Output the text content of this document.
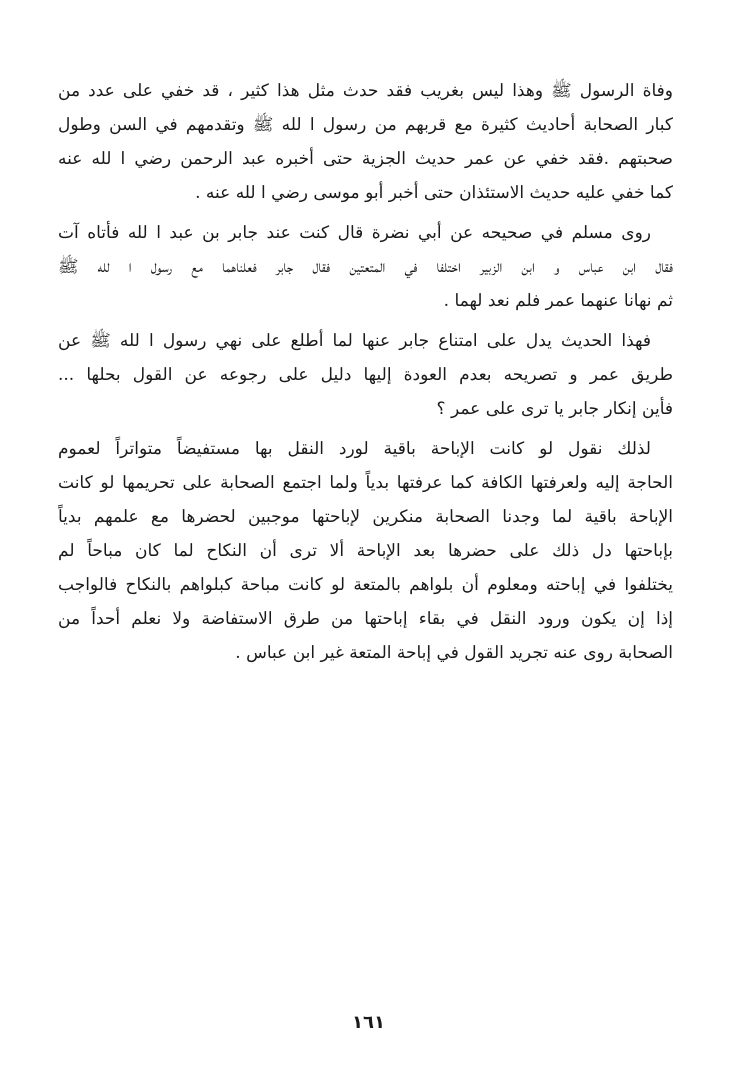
وفاة الرسول ﷺ وهذا ليس بغريب فقد حدث مثل هذا كثير ، قد خفي على عدد من
كبار الصحابة أحاديث كثيرة مع قربهم من رسول ا لله ﷺ وتقدمهم في السن وطول
صحبتهم .فقد خفي عن عمر حديث الجزية حتى أخبره عبد الرحمن رضي ا لله عنه
كما خفي عليه حديث الاستئذان حتى أخبر أبو موسى رضي ا لله عنه .
روى مسلم في صحيحه عن أبي نضرة قال كنت عند جابر بن عبد ا لله فأتاه آت
فقال ابن عباس و ابن الزبير اختلفا في المتعتين فقال جابر فعلناهما مع رسول ا لله ﷺ
ثم نهانا عنهما عمر فلم نعد لهما .
فهذا الحديث يدل على امتناع جابر عنها لما أطلع على نهي رسول ا لله ﷺ عن
طريق عمر و تصريحه بعدم العودة إليها دليل على رجوعه عن القول بحلها ...
فأين إنكار جابر يا ترى على عمر ؟
لذلك نقول لو كانت الإباحة باقية لورد النقل بها مستفيضاً متواتراً لعموم
الحاجة إليه ولعرفتها الكافة كما عرفتها بدياً ولما اجتمع الصحابة على تحريمها لو كانت
الإباحة باقية لما وجدنا الصحابة منكرين لإباحتها موجبين لحضرها مع علمهم بدياً
بإباحتها دل ذلك على حضرها بعد الإباحة ألا ترى أن النكاح لما كان مباحاً لم
يختلفوا في إباحته ومعلوم أن بلواهم بالمتعة لو كانت مباحة كبلواهم بالنكاح فالواجب
إذا إن يكون ورود النقل في بقاء إباحتها من طرق الاستفاضة ولا نعلم أحداً من
الصحابة روى عنه تجريد القول في إباحة المتعة غير ابن عباس .
١٦١
